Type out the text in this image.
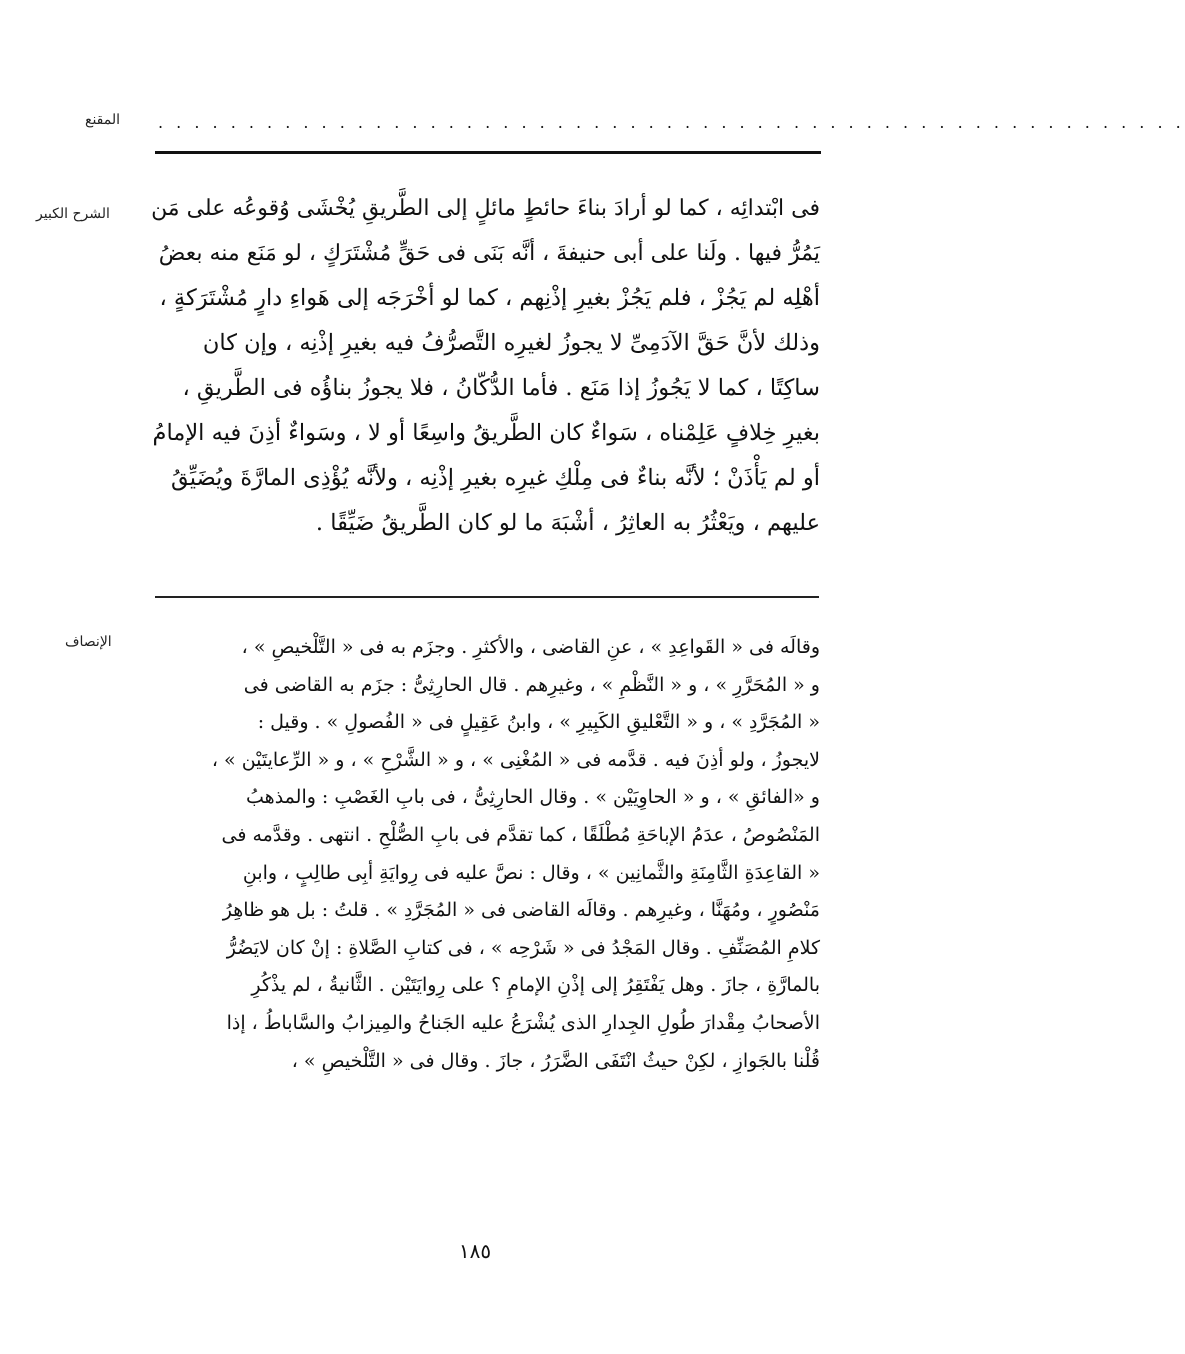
المقنع . . . . . . . . . . . . . . . . . . . . . . . . . . . . . . . . . . . . . . . . . . . . . . . . . . . . . . . . .
الشرح الكبير فى ابْتدائِه ، كما لو أرادَ بناءَ حائطٍ مائلٍ إلى الطَّريقِ يُخْشَى وُقوعُه على مَن
يَمُرُّ فيها . ولَنا على أبى حنيفةَ ، أنَّه بَنَى فى حَقٍّ مُشْتَرَكٍ ، لو مَنَع منه بعضُ
أهْلِه لم يَجُزْ ، فلم يَجُزْ بغيرِ إذْنِهم ، كما لو أخْرَجَه إلى هَواءِ دارٍ مُشْتَرَكةٍ ،
وذلك لأنَّ حَقَّ الآدَمِىِّ لا يجوزُ لغيرِه التَّصرُّفُ فيه بغيرِ إذْنِه ، وإن كان
ساكِتًا ، كما لا يَجُوزُ إذا مَنَع . فأما الدُّكّانُ ، فلا يجوزُ بناؤُه فى الطَّريقِ ،
بغيرِ خِلافٍ عَلِمْناه ، سَواءٌ كان الطَّريقُ واسِعًا أو لا ، وسَواءٌ أذِنَ فيه الإمامُ
أو لم يَأْذَنْ ؛ لأنَّه بناءٌ فى مِلْكِ غيرِه بغيرِ إذْنِه ، ولأنَّه يُؤْذِى المارَّةَ ويُضَيِّقُ
عليهم ، ويَعْثُرُ به العاثِرُ ، أشْبَهَ ما لو كان الطَّريقُ ضَيِّقًا .
الإنصاف	وقالَه فى « القَواعِدِ » ، عنِ القاضى ، والأكثرِ . وجزَم به فى « التَّلْخيصِ » ،
و « المُحَرَّرِ » ، و « النَّظْمِ » ، وغيرِهم . قال الحارِثِىُّ : جزَم به القاضى فى
« المُجَرَّدِ » ، و « التَّعْليقِ الكَبِيرِ » ، وابنُ عَقِيلٍ فى « الفُصولِ » . وقيل :
لايجوزُ ، ولو أذِنَ فيه . قدَّمه فى « المُغْنِى » ، و « الشَّرْحِ » ، و « الرِّعايتَيْن » ،
و «الفائقِ » ، و « الحاوِيَيْن » . وقال الحارِثِىُّ ، فى بابِ الغَصْبِ : والمذهبُ
المَنْصُوصُ ، عدَمُ الإباحَةِ مُطْلَقًا ، كما تقدَّم فى بابِ الصُّلْحِ . انتهى . وقدَّمه فى
« القاعِدَةِ الثَّامِنَةِ والثَّمانِين » ، وقال : نصَّ عليه فى رِوايَةِ أبِى طالِبٍ ، وابنِ
مَنْصُورٍ ، ومُهَنَّا ، وغيرِهم . وقالَه القاضى فى « المُجَرَّدِ » . قلتُ : بل هو ظاهِرُ
كلامِ المُصَنِّفِ . وقال المَجْدُ فى « شَرْحِه » ، فى كتابِ الصَّلاةِ : إنْ كان لايَضُرُّ
بالمارَّةِ ، جازَ . وهل يَفْتَقِرُ إلى إذْنِ الإمامِ ؟ على رِوايَتَيْن . الثَّانيةُ ، لم يذْكُرِ
الأصحابُ مِقْدارَ طُولِ الجِدارِ الذى يُشْرَعُ عليه الجَناحُ والمِيزابُ والسَّاباطُ ، إذا
قُلْنا بالجَوازِ ، لكِنْ حيثُ انْتَفَى الضَّرَرُ ، جازَ . وقال فى « التَّلْخيصِ » ،
١٨٥
